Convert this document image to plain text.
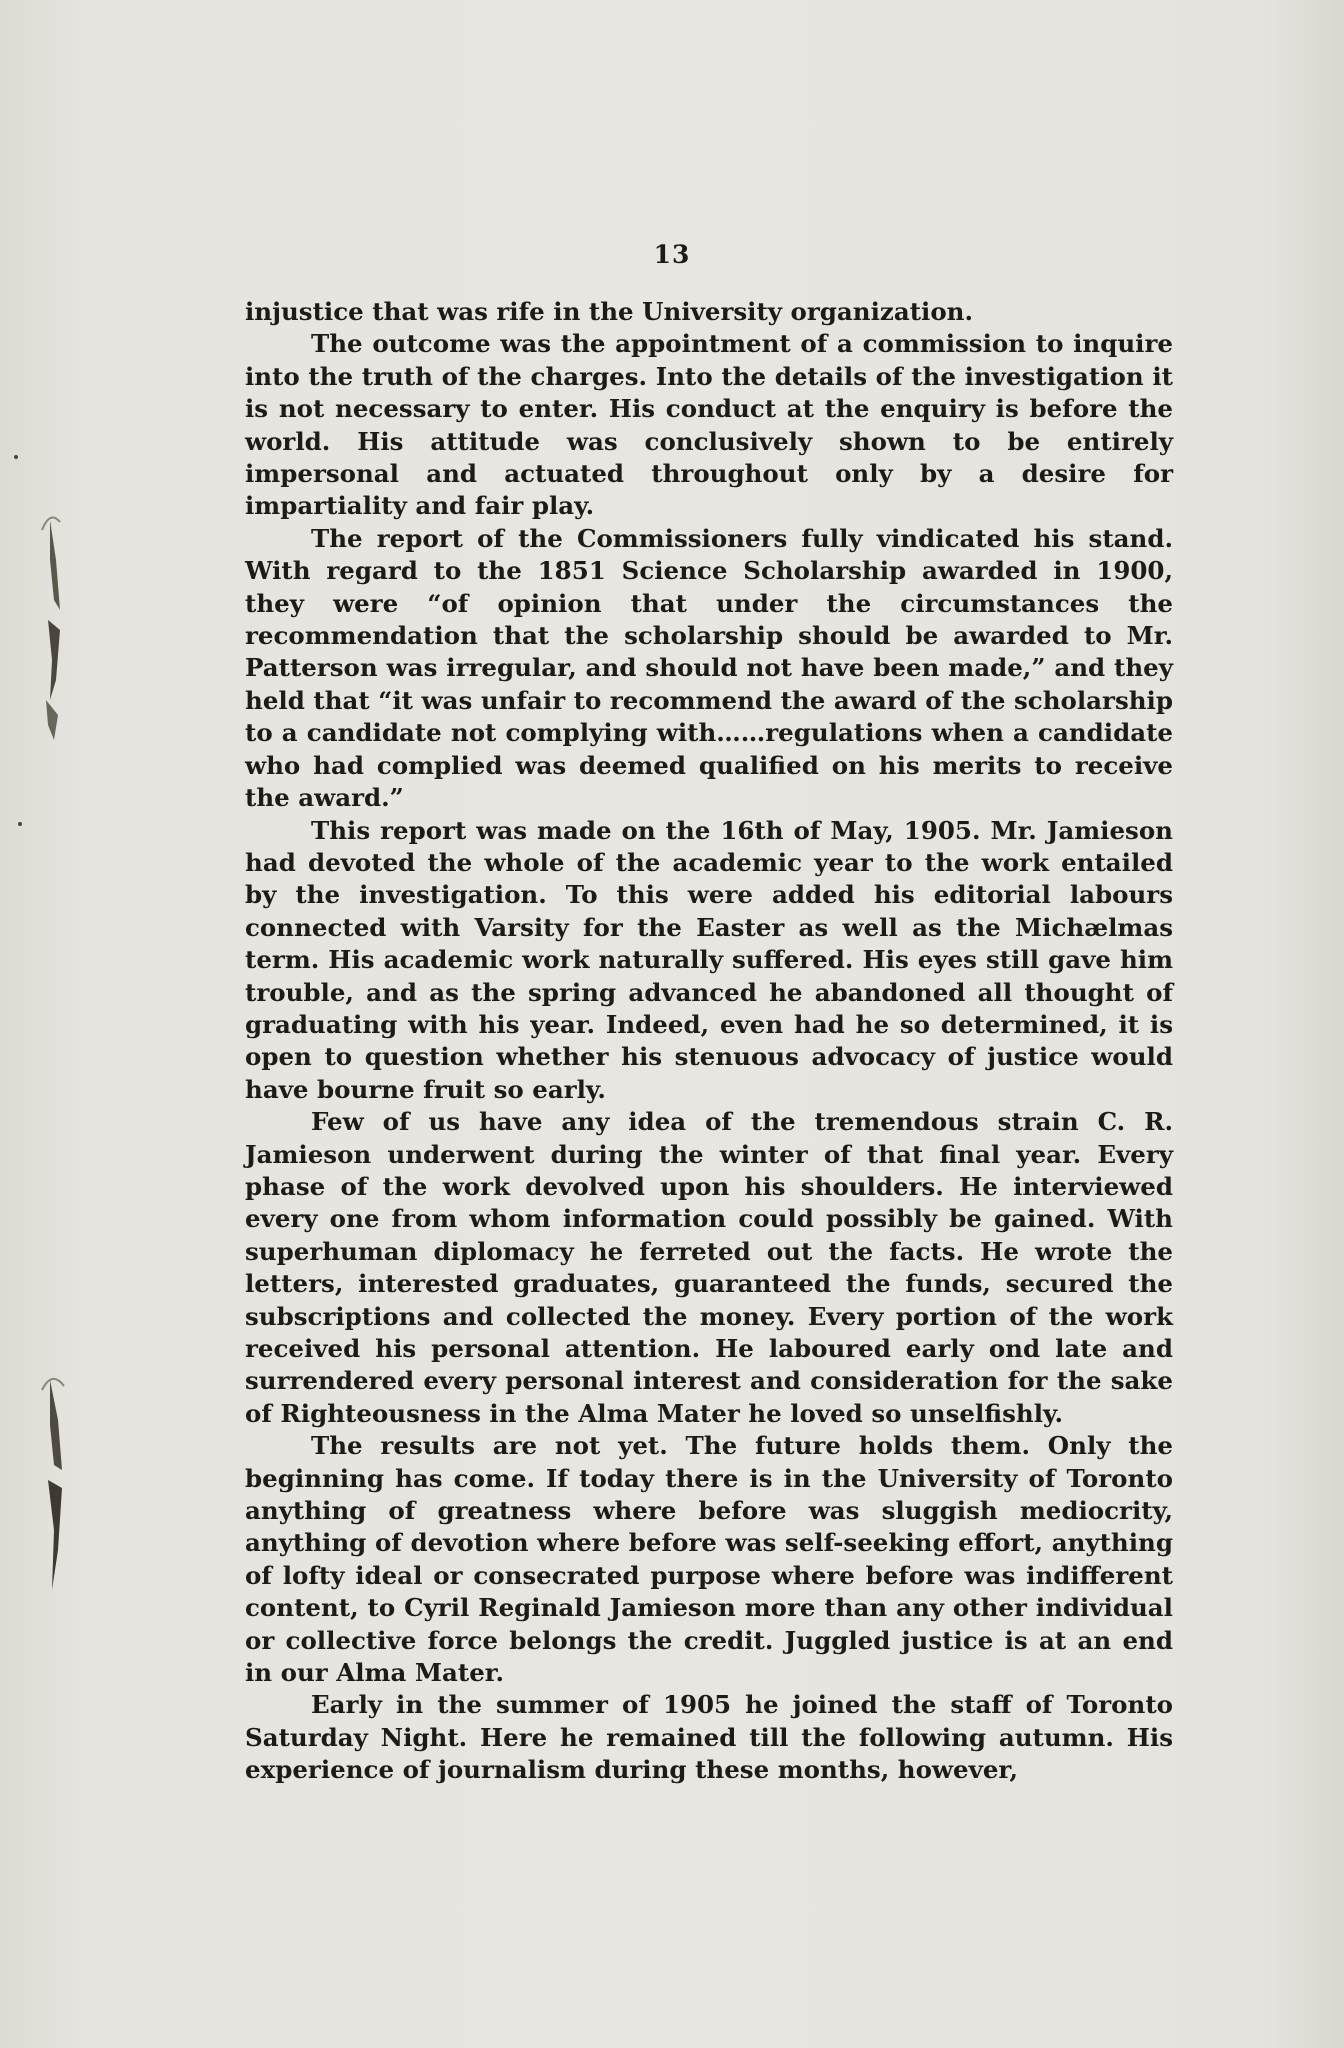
13

injustice that was rife in the University organization.

The outcome was the appointment of a commission to inquire into the truth of the charges. Into the details of the investigation it is not necessary to enter. His conduct at the enquiry is before the world. His attitude was conclusively shown to be entirely impersonal and actuated throughout only by a desire for impartiality and fair play.

The report of the Commissioners fully vindicated his stand. With regard to the 1851 Science Scholarship awarded in 1900, they were “of opinion that under the circumstances the recommendation that the scholarship should be awarded to Mr. Patterson was irregular, and should not have been made,” and they held that “it was unfair to recommend the award of the scholarship to a candidate not complying with……regulations when a candidate who had complied was deemed qualified on his merits to receive the award.”

This report was made on the 16th of May, 1905. Mr. Jamieson had devoted the whole of the academic year to the work entailed by the investigation. To this were added his editorial labours connected with Varsity for the Easter as well as the Michælmas term. His academic work naturally suffered. His eyes still gave him trouble, and as the spring advanced he abandoned all thought of graduating with his year. Indeed, even had he so determined, it is open to question whether his stenuous advocacy of justice would have bourne fruit so early.

Few of us have any idea of the tremendous strain C. R. Jamieson underwent during the winter of that final year. Every phase of the work devolved upon his shoulders. He interviewed every one from whom information could possibly be gained. With superhuman diplomacy he ferreted out the facts. He wrote the letters, interested graduates, guaranteed the funds, secured the subscriptions and collected the money. Every portion of the work received his personal attention. He laboured early ond late and surrendered every personal interest and consideration for the sake of Righteousness in the Alma Mater he loved so unselfishly.

The results are not yet. The future holds them. Only the beginning has come. If today there is in the University of Toronto anything of greatness where before was sluggish mediocrity, anything of devotion where before was self-seeking effort, anything of lofty ideal or consecrated purpose where before was indifferent content, to Cyril Reginald Jamieson more than any other individual or collective force belongs the credit. Juggled justice is at an end in our Alma Mater.

Early in the summer of 1905 he joined the staff of Toronto Saturday Night. Here he remained till the following autumn. His experience of journalism during these months, however,
